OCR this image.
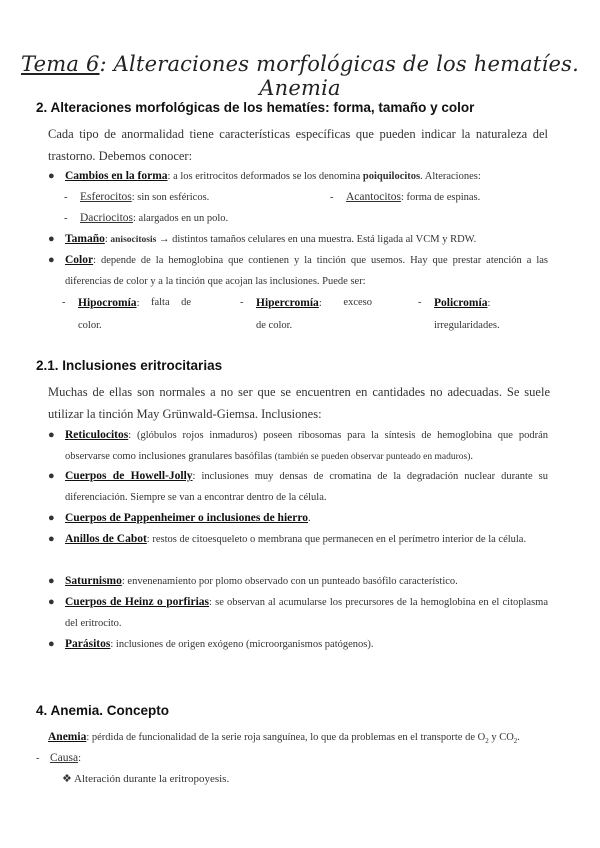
Tema 6: Alteraciones morfológicas de los hematíes. Anemia
2. Alteraciones morfológicas de los hematíes: forma, tamaño y color
Cada tipo de anormalidad tiene características específicas que pueden indicar la naturaleza del trastorno. Debemos conocer:
● Cambios en la forma: a los eritrocitos deformados se los denomina poiquilocitos. Alteraciones:
- Esferocitos: sin son esféricos.	- Acantocitos: forma de espinas.
- Dacriocitos: alargados en un polo.
● Tamaño: anisocitosis → distintos tamaños celulares en una muestra. Está ligada al VCM y RDW.
● Color: depende de la hemoglobina que contienen y la tinción que usemos. Hay que prestar atención a las diferencias de color y a la tinción que acojan las inclusiones. Puede ser:
- Hipocromía: falta de
color.
- Hipercromía: exceso
de color.
- Policromía:
irregularidades.
2.1. Inclusiones eritrocitarias
Muchas de ellas son normales a no ser que se encuentren en cantidades no adecuadas. Se suele utilizar la tinción May Grünwald-Giemsa. Inclusiones:
● Reticulocitos: (glóbulos rojos inmaduros) poseen ribosomas para la síntesis de hemoglobina que podrán observarse como inclusiones granulares basófilas (también se pueden observar punteado en maduros).
● Cuerpos de Howell-Jolly: inclusiones muy densas de cromatina de la degradación nuclear durante su diferenciación. Siempre se van a encontrar dentro de la célula.
● Cuerpos de Pappenheimer o inclusiones de hierro.
● Anillos de Cabot: restos de citoesqueleto o membrana que permanecen en el perímetro interior de la célula.
● Saturnismo: envenenamiento por plomo observado con un punteado basófilo característico.
● Cuerpos de Heinz o porfirias: se observan al acumularse los precursores de la hemoglobina en el citoplasma del eritrocito.
● Parásitos: inclusiones de origen exógeno (microorganismos patógenos).
4. Anemia. Concepto
Anemia: pérdida de funcionalidad de la serie roja sanguínea, lo que da problemas en el transporte de $O_2$ y $CO_2$.
- Causa:
❖ Alteración durante la eritropoyesis.
